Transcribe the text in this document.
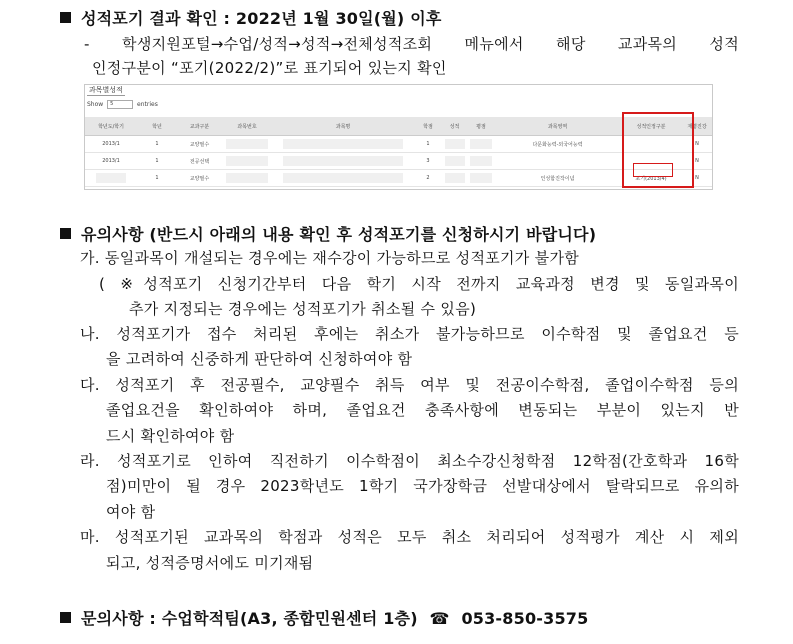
성적포기 결과 확인 : 2022년 1월 30일(월) 이후
- 학생지원포털→수업/성적→성적→전체성적조회 메뉴에서 해당 교과목의 성적
인정구분이 “포기(2022/2)”로 표기되어 있는지 확인
과목별성적
Show 5	entries
학년도/학기	학년	교과구분	과목번호	과목명	학점	성적	평점	과목영역	성적인정구분	재평진강
2013/1	1	교양필수			1			다문화능력-외국어능력		N
2013/1	1	전공선택			3					N
	1	교양필수			2			인성함진작이념	포기(2013/4)	N
유의사항 (반드시 아래의 내용 확인 후 성적포기를 신청하시기 바랍니다)
가. 동일과목이 개설되는 경우에는 재수강이 가능하므로 성적포기가 불가함
( ※성적포기 신청기간부터 다음 학기 시작 전까지 교육과정 변경 및 동일과목이
추가 지정되는 경우에는 성적포기가 취소될 수 있음)
나. 성적포기가 접수 처리된 후에는 취소가 불가능하므로 이수학점 및 졸업요건 등
을 고려하여 신중하게 판단하여 신청하여야 함
다. 성적포기 후 전공필수, 교양필수 취득 여부 및 전공이수학점, 졸업이수학점 등의
졸업요건을 확인하여야 하며, 졸업요건 충족사항에 변동되는 부분이 있는지 반
드시 확인하여야 함
라. 성적포기로 인하여 직전하기 이수학점이 최소수강신청학점 12학점(간호학과 16학
점)미만이 될 경우 2023학년도 1학기 국가장학금 선발대상에서 탈락되므로 유의하
여야 함
마. 성적포기된 교과목의 학점과 성적은 모두 취소 처리되어 성적평가 계산 시 제외
되고, 성적증명서에도 미기재됨
문의사항 : 수업학적팀(A3, 종합민원센터 1층) ☎ 053-850-3575
